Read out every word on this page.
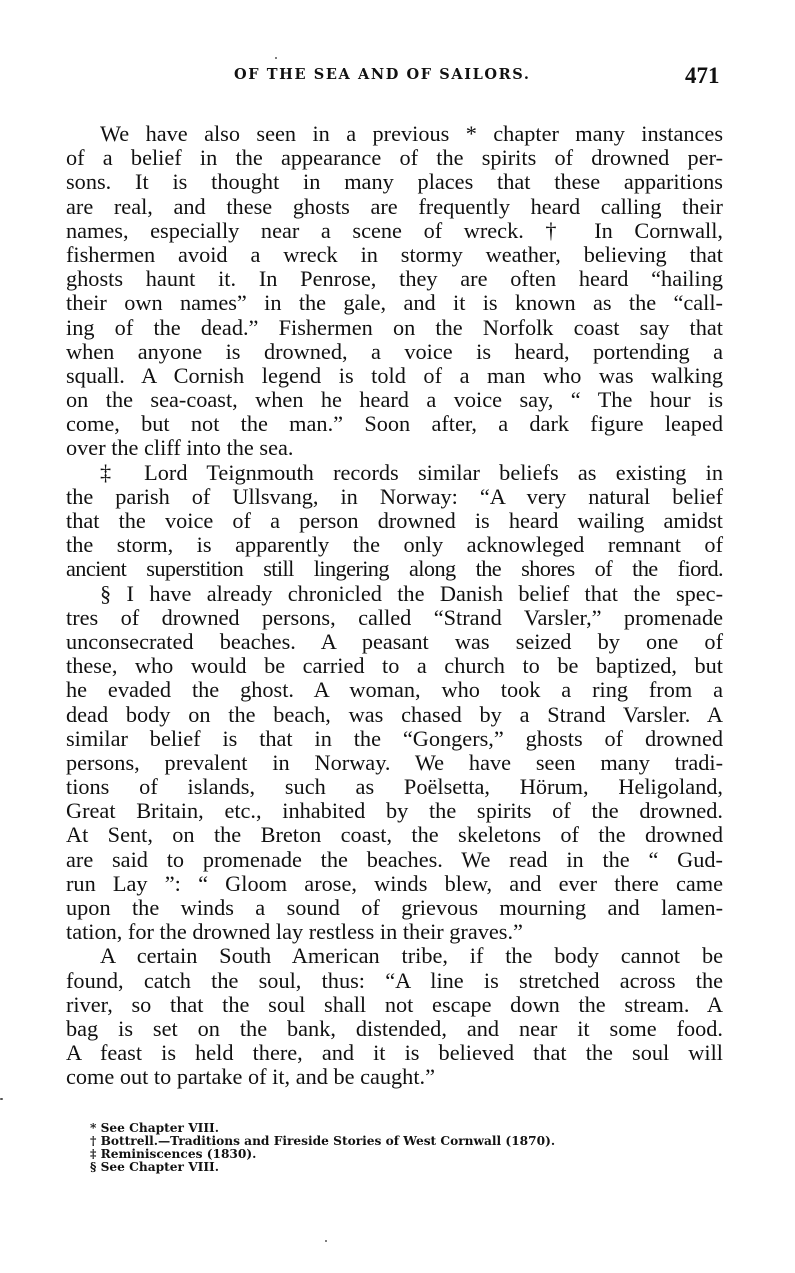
OF THE SEA AND OF SAILORS.	471
We have also seen in a previous * chapter many instances
of a belief in the appearance of the spirits of drowned per-
sons. It is thought in many places that these apparitions
are real, and these ghosts are frequently heard calling their
names, especially near a scene of wreck. † In Cornwall,
fishermen avoid a wreck in stormy weather, believing that
ghosts haunt it. In Penrose, they are often heard “hailing
their own names” in the gale, and it is known as the “call-
ing of the dead.” Fishermen on the Norfolk coast say that
when anyone is drowned, a voice is heard, portending a
squall. A Cornish legend is told of a man who was walking
on the sea-coast, when he heard a voice say, “ The hour is
come, but not the man.” Soon after, a dark figure leaped
over the cliff into the sea.
‡ Lord Teignmouth records similar beliefs as existing in
the parish of Ullsvang, in Norway: “A very natural belief
that the voice of a person drowned is heard wailing amidst
the storm, is apparently the only acknowleged remnant of
ancient superstition still lingering along the shores of the fiord.
§ I have already chronicled the Danish belief that the spec-
tres of drowned persons, called “Strand Varsler,” promenade
unconsecrated beaches. A peasant was seized by one of
these, who would be carried to a church to be baptized, but
he evaded the ghost. A woman, who took a ring from a
dead body on the beach, was chased by a Strand Varsler. A
similar belief is that in the “Gongers,” ghosts of drowned
persons, prevalent in Norway. We have seen many tradi-
tions of islands, such as Poëlsetta, Hörum, Heligoland,
Great Britain, etc., inhabited by the spirits of the drowned.
At Sent, on the Breton coast, the skeletons of the drowned
are said to promenade the beaches. We read in the “ Gud-
run Lay ”: “ Gloom arose, winds blew, and ever there came
upon the winds a sound of grievous mourning and lamen-
tation, for the drowned lay restless in their graves.”
A certain South American tribe, if the body cannot be
found, catch the soul, thus: “A line is stretched across the
river, so that the soul shall not escape down the stream. A
bag is set on the bank, distended, and near it some food.
A feast is held there, and it is believed that the soul will
come out to partake of it, and be caught.”
* See Chapter VIII.
† Bottrell.—Traditions and Fireside Stories of West Cornwall (1870).
‡ Reminiscences (1830).
§ See Chapter VIII.
